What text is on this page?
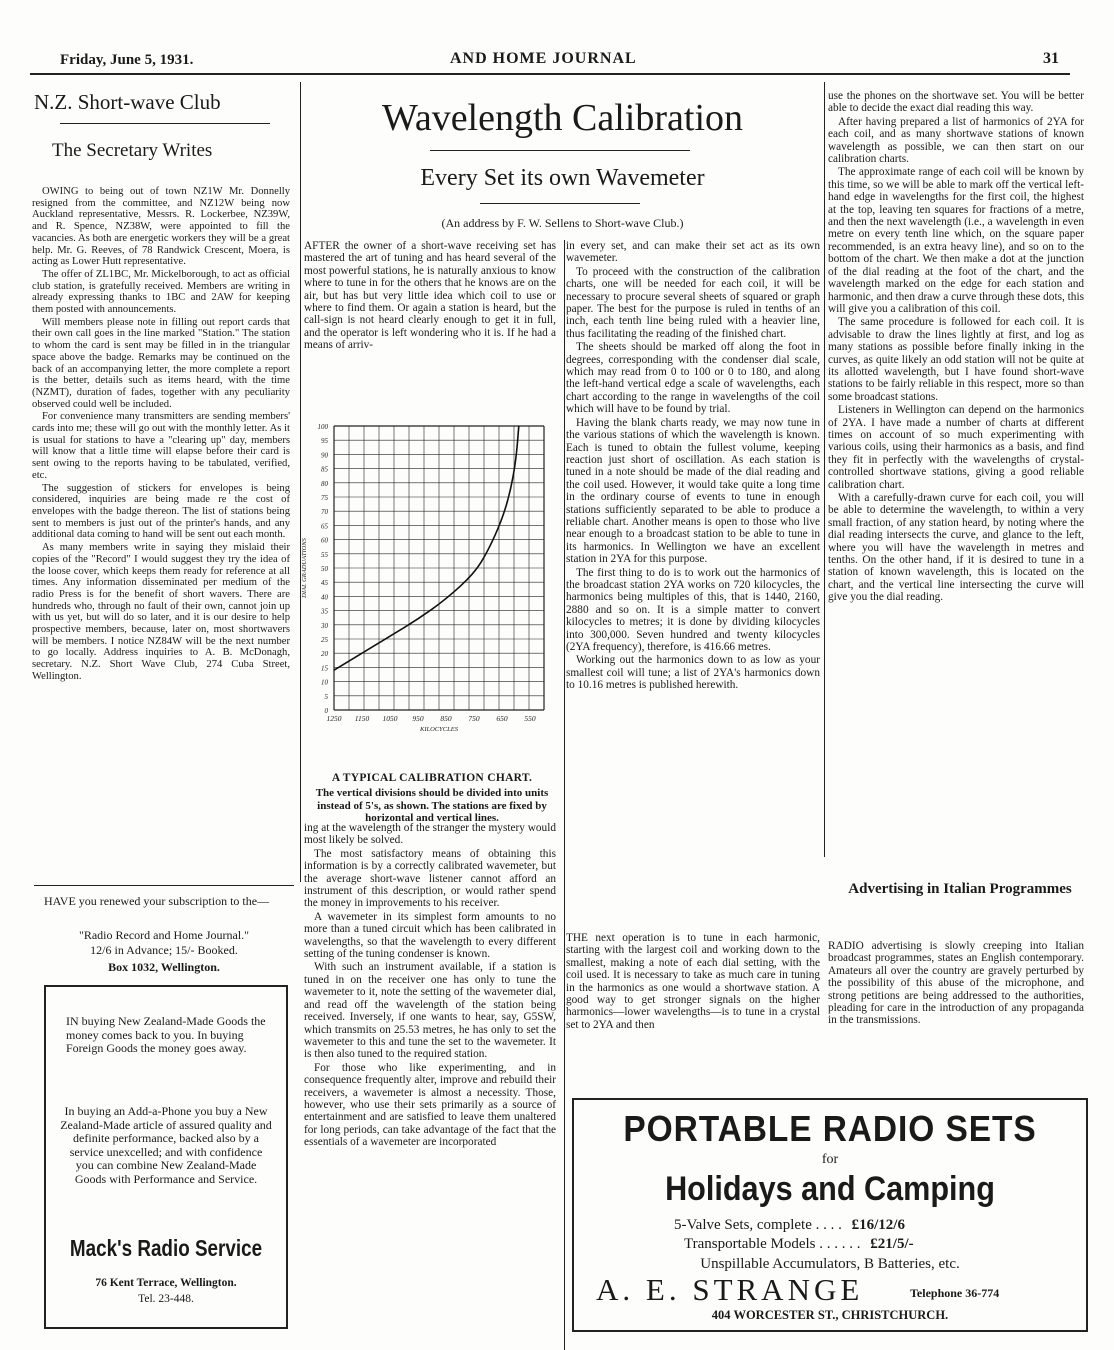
Friday, June 5, 1931.	AND HOME JOURNAL	31
N.Z. Short-wave Club
The Secretary Writes

OWING to being out of town NZ1W Mr. Donnelly resigned from the committee, and NZ12W being now Auckland representative, Messrs. R. Lockerbee, NZ39W, and R. Spence, NZ38W, were appointed to fill the vacancies. As both are energetic workers they will be a great help. Mr. G. Reeves, of 78 Randwick Crescent, Moera, is acting as Lower Hutt representative.

The offer of ZL1BC, Mr. Mickelborough, to act as official club station, is gratefully received. Members are writing in already expressing thanks to 1BC and 2AW for keeping them posted with announcements.

Will members please note in filling out report cards that their own call goes in the line marked "Station." The station to whom the card is sent may be filled in in the triangular space above the badge. Remarks may be continued on the back of an accompanying letter, the more complete a report is the better, details such as items heard, with the time (NZMT), duration of fades, together with any peculiarity observed could well be included.

For convenience many transmitters are sending members' cards into me; these will go out with the monthly letter. As it is usual for stations to have a "clearing up" day, members will know that a little time will elapse before their card is sent owing to the reports having to be tabulated, verified, etc.

The suggestion of stickers for envelopes is being considered, inquiries are being made re the cost of envelopes with the badge thereon. The list of stations being sent to members is just out of the printer's hands, and any additional data coming to hand will be sent out each month.

As many members write in saying they mislaid their copies of the "Record" I would suggest they try the idea of the loose cover, which keeps them ready for reference at all times. Any information disseminated per medium of the radio Press is for the benefit of short wavers. There are hundreds who, through no fault of their own, cannot join up with us yet, but will do so later, and it is our desire to help prospective members, because, later on, most shortwavers will be members. I notice NZ84W will be the next number to go locally. Address inquiries to A. B. McDonagh, secretary. N.Z. Short Wave Club, 274 Cuba Street, Wellington.

HAVE you renewed your subscription to the—

"Radio Record and Home Journal."
12/6 in Advance; 15/- Booked.
Box 1032, Wellington.
IN buying New Zealand-Made Goods the money comes back to you. In buying Foreign Goods the money goes away.
In buying an Add-a-Phone you buy a New Zealand-Made article of assured quality and definite performance, backed also by a service unexcelled; and with confidence you can combine New Zealand-Made Goods with Performance and Service.
Mack's Radio Service
76 Kent Terrace, Wellington.
Tel. 23-448.
Wavelength Calibration
Every Set its own Wavemeter
(An address by F. W. Sellens to Short-wave Club.)

AFTER the owner of a short-wave receiving set has mastered the art of tuning and has heard several of the most powerful stations, he is naturally anxious to know where to tune in for the others that he knows are on the air, but has but very little idea which coil to use or where to find them. Or again a station is heard, but the call-sign is not heard clearly enough to get it in full, and the operator is left wondering who it is. If he had a means of arriv-

0
5
10
15
20
25
30
35
40
45
50
55
60
65
70
75
80
85
90
95
100
1250 1150 1050 950 850 750 650 550
KILOCYCLES
DIAL GRADUATIONS
A TYPICAL CALIBRATION CHART.
The vertical divisions should be divided into units instead of 5's, as shown. The stations are fixed by horizontal and vertical lines.

ing at the wavelength of the stranger the mystery would most likely be solved.

The most satisfactory means of obtaining this information is by a correctly calibrated wavemeter, but the average short-wave listener cannot afford an instrument of this description, or would rather spend the money in improvements to his receiver.

A wavemeter in its simplest form amounts to no more than a tuned circuit which has been calibrated in wavelengths, so that the wavelength to every different setting of the tuning condenser is known.

With such an instrument available, if a station is tuned in on the receiver one has only to tune the wavemeter to it, note the setting of the wavemeter dial, and read off the wavelength of the station being received. Inversely, if one wants to hear, say, G5SW, which transmits on 25.53 metres, he has only to set the wavemeter to this and tune the set to the wavemeter. It is then also tuned to the required station.

For those who like experimenting, and in consequence frequently alter, improve and rebuild their receivers, a wavemeter is almost a necessity. Those, however, who use their sets primarily as a source of entertainment and are satisfied to leave them unaltered for long periods, can take advantage of the fact that the essentials of a wavemeter are incorporated

in every set, and can make their set act as its own wavemeter.

To proceed with the construction of the calibration charts, one will be needed for each coil, it will be necessary to procure several sheets of squared or graph paper. The best for the purpose is ruled in tenths of an inch, each tenth line being ruled with a heavier line, thus facilitating the reading of the finished chart.

The sheets should be marked off along the foot in degrees, corresponding with the condenser dial scale, which may read from 0 to 100 or 0 to 180, and along the left-hand vertical edge a scale of wavelengths, each chart according to the range in wavelengths of the coil which will have to be found by trial.

Having the blank charts ready, we may now tune in the various stations of which the wavelength is known. Each is tuned to obtain the fullest volume, keeping reaction just short of oscillation. As each station is tuned in a note should be made of the dial reading and the coil used. However, it would take quite a long time in the ordinary course of events to tune in enough stations sufficiently separated to be able to produce a reliable chart. Another means is open to those who live near enough to a broadcast station to be able to tune in its harmonics. In Wellington we have an excellent station in 2YA for this purpose.

The first thing to do is to work out the harmonics of the broadcast station 2YA works on 720 kilocycles, the harmonics being multiples of this, that is 1440, 2160, 2880 and so on. It is a simple matter to convert kilocycles to metres; it is done by dividing kilocycles into 300,000. Seven hundred and twenty kilocycles (2YA frequency), therefore, is 416.66 metres.

Working out the harmonics down to as low as your smallest coil will tune; a list of 2YA's harmonics down to 10.16 metres is published herewith.

THE next operation is to tune in each harmonic, starting with the largest coil and working down to the smallest, making a note of each dial setting, with the coil used. It is necessary to take as much care in tuning in the harmonics as one would a shortwave station. A good way to get stronger signals on the higher harmonics—lower wavelengths—is to tune in a crystal set to 2YA and then

use the phones on the shortwave set. You will be better able to decide the exact dial reading this way.

After having prepared a list of harmonics of 2YA for each coil, and as many shortwave stations of known wavelength as possible, we can then start on our calibration charts.

The approximate range of each coil will be known by this time, so we will be able to mark off the vertical left-hand edge in wavelengths for the first coil, the highest at the top, leaving ten squares for fractions of a metre, and then the next wavelength (i.e., a wavelength in even metre on every tenth line which, on the square paper recommended, is an extra heavy line), and so on to the bottom of the chart. We then make a dot at the junction of the dial reading at the foot of the chart, and the wavelength marked on the edge for each station and harmonic, and then draw a curve through these dots, this will give you a calibration of this coil.

The same procedure is followed for each coil. It is advisable to draw the lines lightly at first, and log as many stations as possible before finally inking in the curves, as quite likely an odd station will not be quite at its allotted wavelength, but I have found short-wave stations to be fairly reliable in this respect, more so than some broadcast stations.

Listeners in Wellington can depend on the harmonics of 2YA. I have made a number of charts at different times on account of so much experimenting with various coils, using their harmonics as a basis, and find they fit in perfectly with the wavelengths of crystal-controlled shortwave stations, giving a good reliable calibration chart.

With a carefully-drawn curve for each coil, you will be able to determine the wavelength, to within a very small fraction, of any station heard, by noting where the dial reading intersects the curve, and glance to the left, where you will have the wavelength in metres and tenths. On the other hand, if it is desired to tune in a station of known wavelength, this is located on the chart, and the vertical line intersecting the curve will give you the dial reading.

Advertising in Italian Programmes

RADIO advertising is slowly creeping into Italian broadcast programmes, states an English contemporary. Amateurs all over the country are gravely perturbed by the possibility of this abuse of the microphone, and strong petitions are being addressed to the authorities, pleading for care in the introduction of any propaganda in the transmissions.

PORTABLE RADIO SETS
for
Holidays and Camping
5-Valve Sets, complete . . . . £16/12/6
Transportable Models . . . . . . £21/5/-
Unspillable Accumulators, B Batteries, etc.
A. E. STRANGE	Telephone 36-774
404 WORCESTER ST., CHRISTCHURCH.
